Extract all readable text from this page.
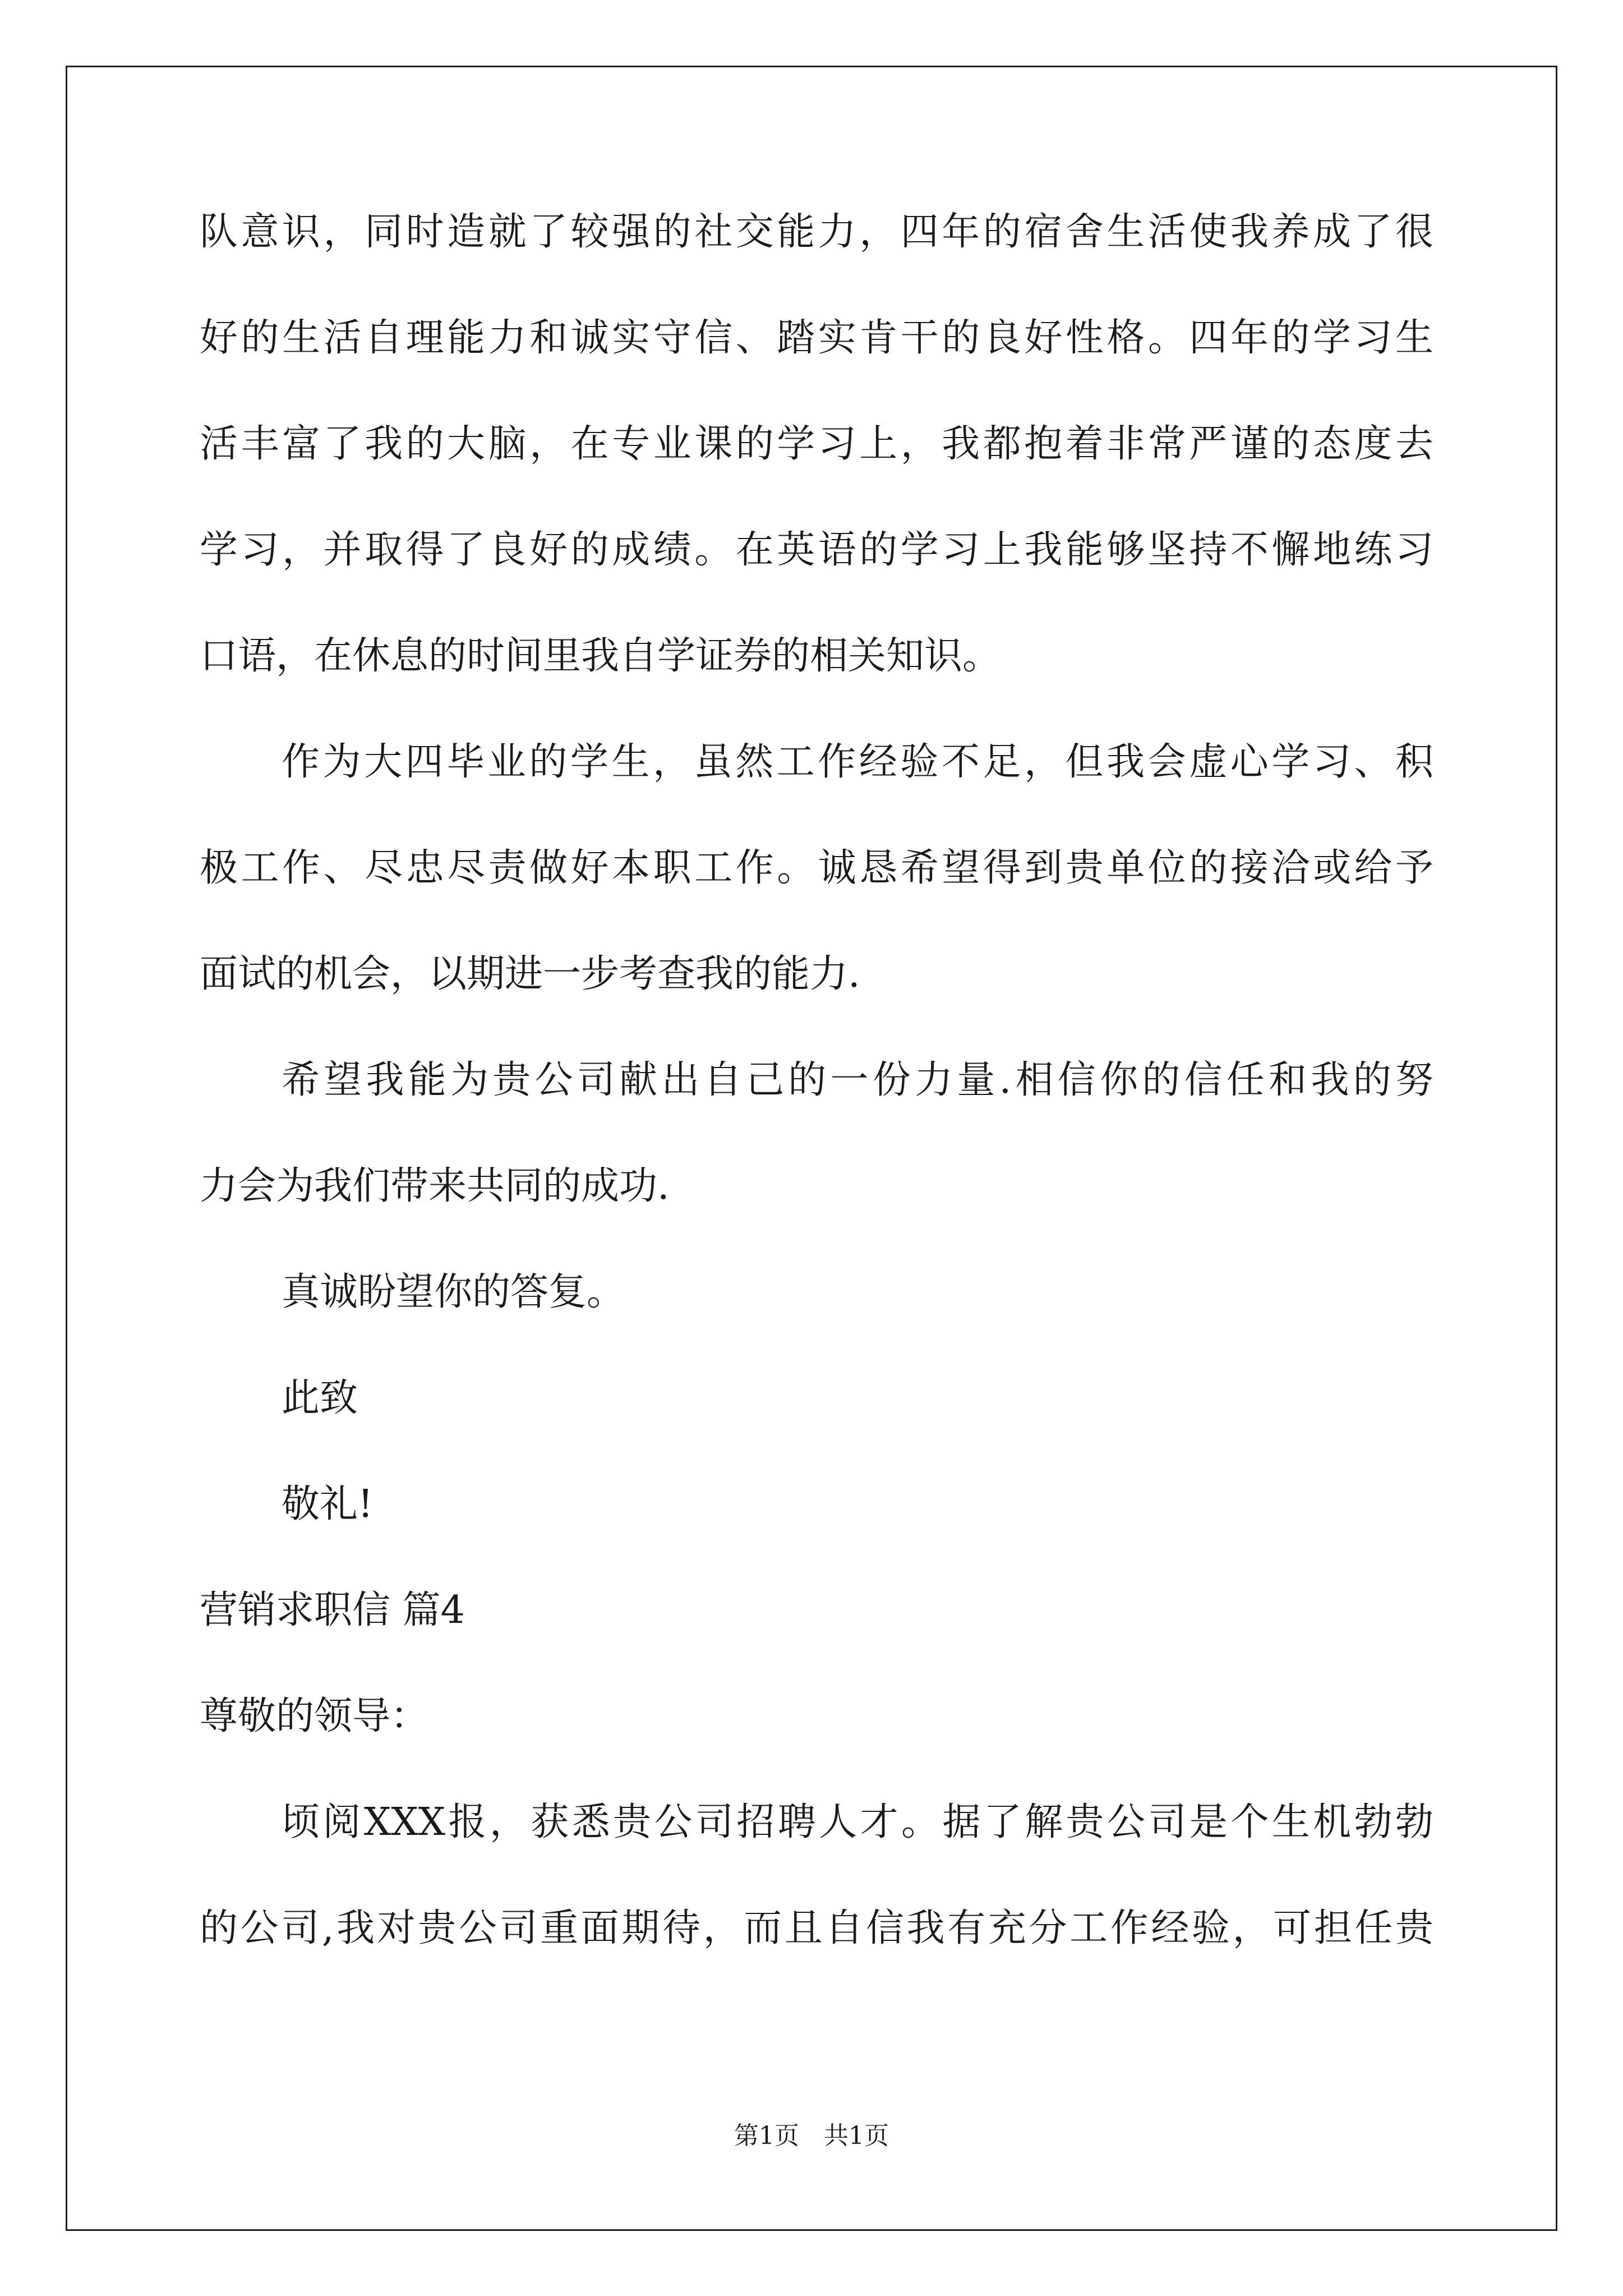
队意识，同时造就了较强的社交能力，四年的宿舍生活使我养成了很
好的生活自理能力和诚实守信、踏实肯干的良好性格。四年的学习生
活丰富了我的大脑，在专业课的学习上，我都抱着非常严谨的态度去
学习，并取得了良好的成绩。在英语的学习上我能够坚持不懈地练习
口语，在休息的时间里我自学证券的相关知识。
作为大四毕业的学生，虽然工作经验不足，但我会虚心学习、积
极工作、尽忠尽责做好本职工作。诚恳希望得到贵单位的接洽或给予
面试的机会，以期进一步考查我的能力.
希望我能为贵公司献出自己的一份力量.相信你的信任和我的努
力会为我们带来共同的成功.
真诚盼望你的答复。
此致
敬礼!
营销求职信 篇4
尊敬的领导：
顷阅XXX报，获悉贵公司招聘人才。据了解贵公司是个生机勃勃
的公司,我对贵公司重面期待，而且自信我有充分工作经验，可担任贵
第1页 共1页
